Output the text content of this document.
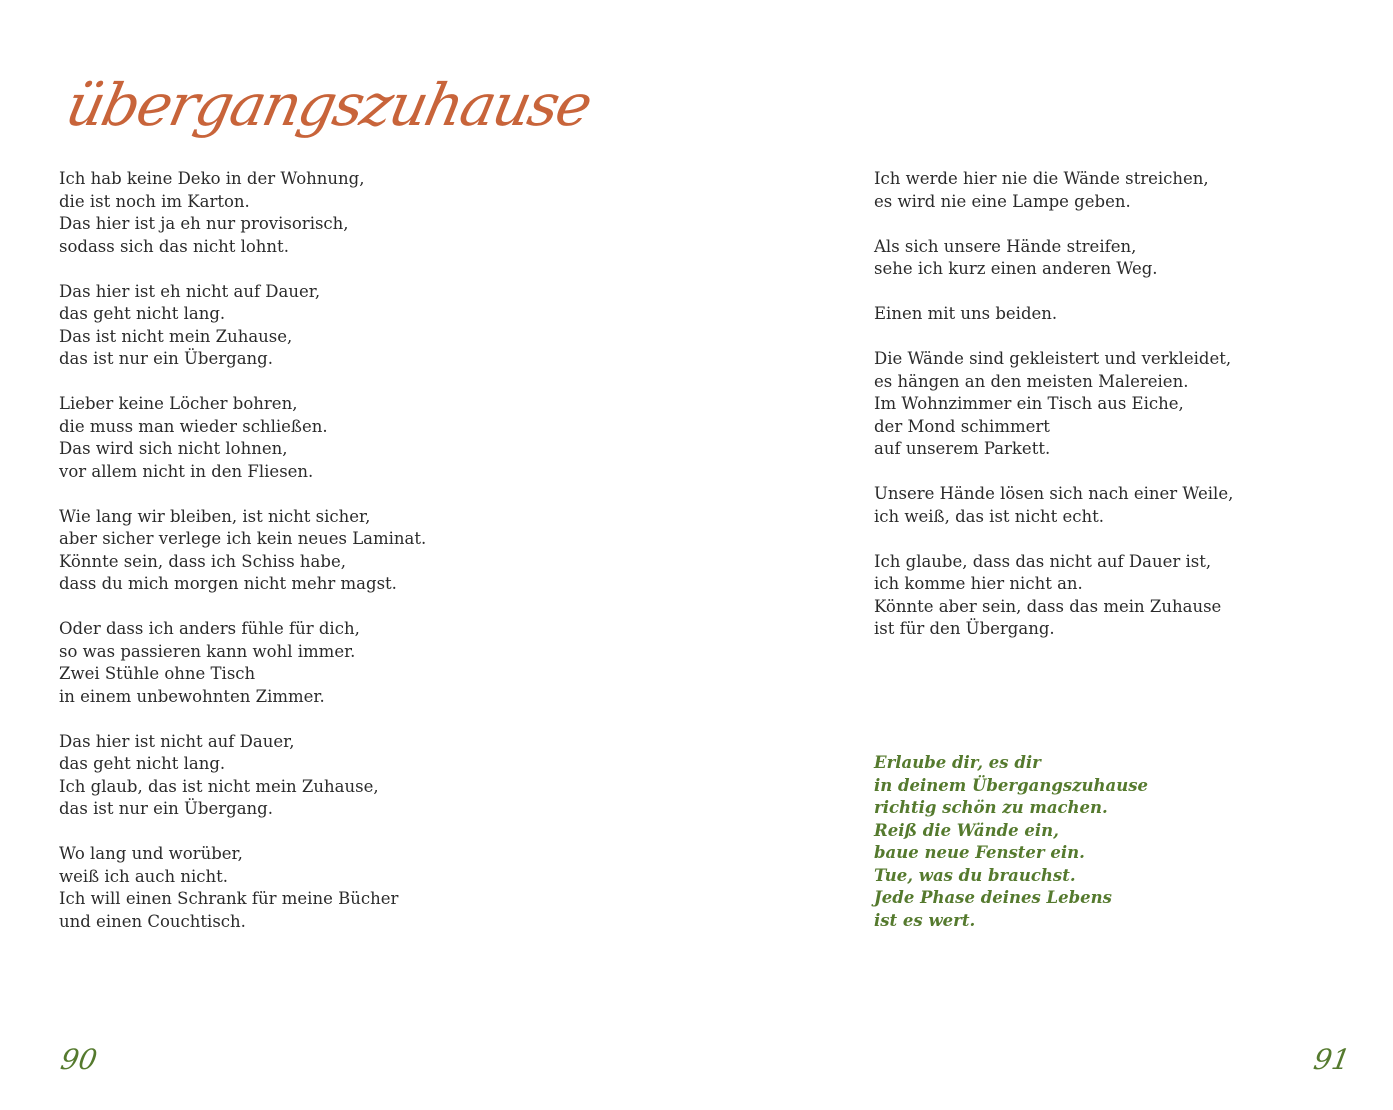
übergangszuhause
Ich hab keine Deko in der Wohnung,
die ist noch im Karton.
Das hier ist ja eh nur provisorisch,
sodass sich das nicht lohnt.
Das hier ist eh nicht auf Dauer,
das geht nicht lang.
Das ist nicht mein Zuhause,
das ist nur ein Übergang.
Lieber keine Löcher bohren,
die muss man wieder schließen.
Das wird sich nicht lohnen,
vor allem nicht in den Fliesen.
Wie lang wir bleiben, ist nicht sicher,
aber sicher verlege ich kein neues Laminat.
Könnte sein, dass ich Schiss habe,
dass du mich morgen nicht mehr magst.
Oder dass ich anders fühle für dich,
so was passieren kann wohl immer.
Zwei Stühle ohne Tisch
in einem unbewohnten Zimmer.
Das hier ist nicht auf Dauer,
das geht nicht lang.
Ich glaub, das ist nicht mein Zuhause,
das ist nur ein Übergang.
Wo lang und worüber,
weiß ich auch nicht.
Ich will einen Schrank für meine Bücher
und einen Couchtisch.
Ich werde hier nie die Wände streichen,
es wird nie eine Lampe geben.
Als sich unsere Hände streifen,
sehe ich kurz einen anderen Weg.
Einen mit uns beiden.
Die Wände sind gekleistert und verkleidet,
es hängen an den meisten Malereien.
Im Wohnzimmer ein Tisch aus Eiche,
der Mond schimmert
auf unserem Parkett.
Unsere Hände lösen sich nach einer Weile,
ich weiß, das ist nicht echt.
Ich glaube, dass das nicht auf Dauer ist,
ich komme hier nicht an.
Könnte aber sein, dass das mein Zuhause
ist für den Übergang.
Erlaube dir, es dir
in deinem Übergangszuhause
richtig schön zu machen.
Reiß die Wände ein,
baue neue Fenster ein.
Tue, was du brauchst.
Jede Phase deines Lebens
ist es wert.
90	91
